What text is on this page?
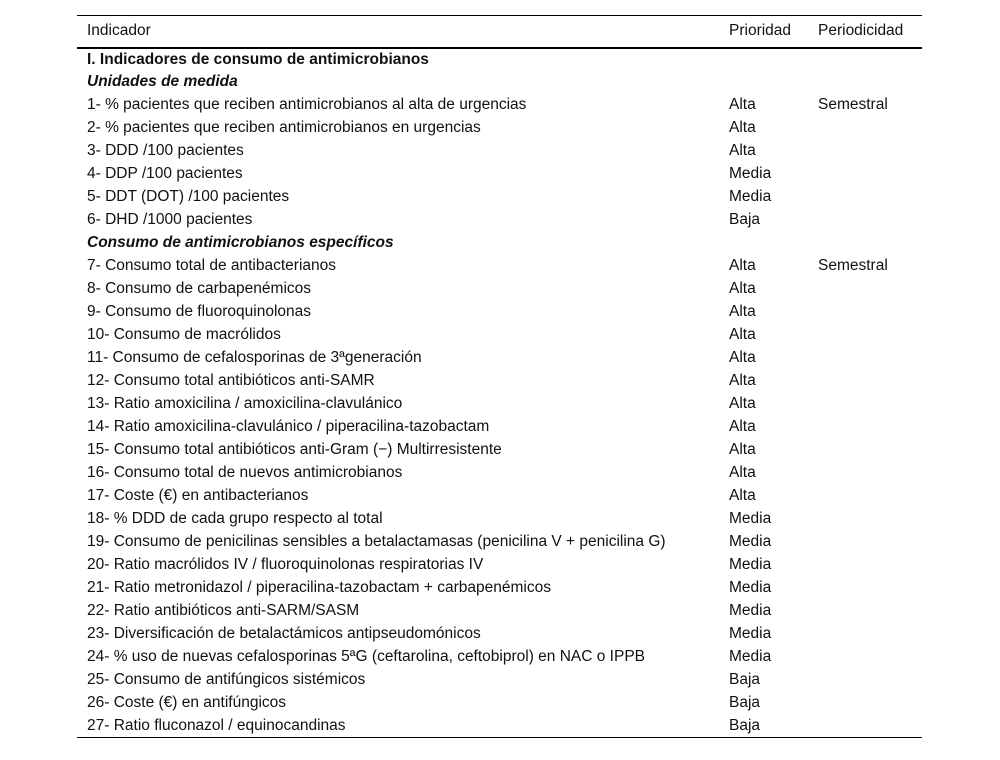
Indicador	Prioridad	Periodicidad
I. Indicadores de consumo de antimicrobianos		
Unidades de medida		
1- % pacientes que reciben antimicrobianos al alta de urgencias	Alta	Semestral
2- % pacientes que reciben antimicrobianos en urgencias	Alta	
3- DDD /100 pacientes	Alta	
4- DDP /100 pacientes	Media	
5- DDT (DOT) /100 pacientes	Media	
6- DHD /1000 pacientes	Baja	
Consumo de antimicrobianos específicos		
7- Consumo total de antibacterianos	Alta	Semestral
8- Consumo de carbapenémicos	Alta	
9- Consumo de fluoroquinolonas	Alta	
10- Consumo de macrólidos	Alta	
11- Consumo de cefalosporinas de 3ªgeneración	Alta	
12- Consumo total antibióticos anti-SAMR	Alta	
13- Ratio amoxicilina / amoxicilina-clavulánico	Alta	
14- Ratio amoxicilina-clavulánico / piperacilina-tazobactam	Alta	
15- Consumo total antibióticos anti-Gram (−) Multirresistente	Alta	
16- Consumo total de nuevos antimicrobianos	Alta	
17- Coste (€) en antibacterianos	Alta	
18- % DDD de cada grupo respecto al total	Media	
19- Consumo de penicilinas sensibles a betalactamasas (penicilina V + penicilina G)	Media	
20- Ratio macrólidos IV / fluoroquinolonas respiratorias IV	Media	
21- Ratio metronidazol / piperacilina-tazobactam + carbapenémicos	Media	
22- Ratio antibióticos anti-SARM/SASM	Media	
23- Diversificación de betalactámicos antipseudomónicos	Media	
24- % uso de nuevas cefalosporinas 5ªG (ceftarolina, ceftobiprol) en NAC o IPPB	Media	
25- Consumo de antifúngicos sistémicos	Baja	
26- Coste (€) en antifúngicos	Baja	
27- Ratio fluconazol / equinocandinas	Baja	
